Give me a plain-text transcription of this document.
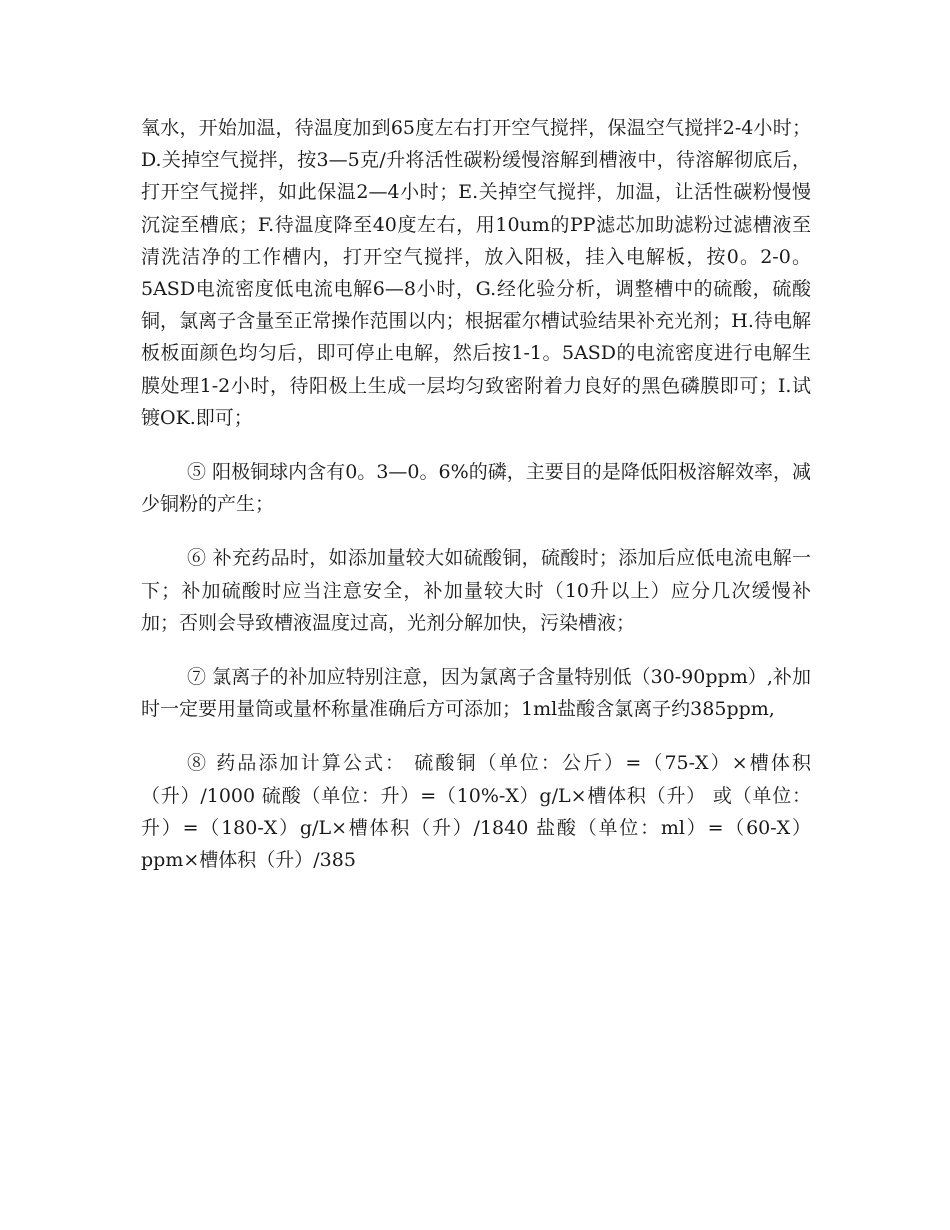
氧水，开始加温，待温度加到65度左右打开空气搅拌，保温空气搅拌2-4小时；D.关掉空气搅拌，按3—5克/升将活性碳粉缓慢溶解到槽液中，待溶解彻底后，打开空气搅拌，如此保温2—4小时；E.关掉空气搅拌，加温，让活性碳粉慢慢沉淀至槽底；F.待温度降至40度左右，用10um的PP滤芯加助滤粉过滤槽液至清洗洁净的工作槽内，打开空气搅拌，放入阳极，挂入电解板，按0。2-0。5ASD电流密度低电流电解6—8小时，G.经化验分析，调整槽中的硫酸，硫酸铜，氯离子含量至正常操作范围以内；根据霍尔槽试验结果补充光剂；H.待电解板板面颜色均匀后，即可停止电解，然后按1-1。5ASD的电流密度进行电解生膜处理1-2小时，待阳极上生成一层均匀致密附着力良好的黑色磷膜即可；I.试镀OK.即可；

⑤ 阳极铜球内含有0。3—0。6%的磷，主要目的是降低阳极溶解效率，减少铜粉的产生；

⑥ 补充药品时，如添加量较大如硫酸铜，硫酸时；添加后应低电流电解一下；补加硫酸时应当注意安全，补加量较大时（10升以上）应分几次缓慢补加；否则会导致槽液温度过高，光剂分解加快，污染槽液；

⑦ 氯离子的补加应特别注意，因为氯离子含量特别低（30-90ppm）,补加时一定要用量筒或量杯称量准确后方可添加；1ml盐酸含氯离子约385ppm,

⑧ 药品添加计算公式： 硫酸铜（单位：公斤）=（75-X）×槽体积（升）/1000 硫酸（单位：升）=（10%-X）g/L×槽体积（升） 或（单位：升）=（180-X）g/L×槽体积（升）/1840 盐酸（单位：ml）=（60-X）ppm×槽体积（升）/385
